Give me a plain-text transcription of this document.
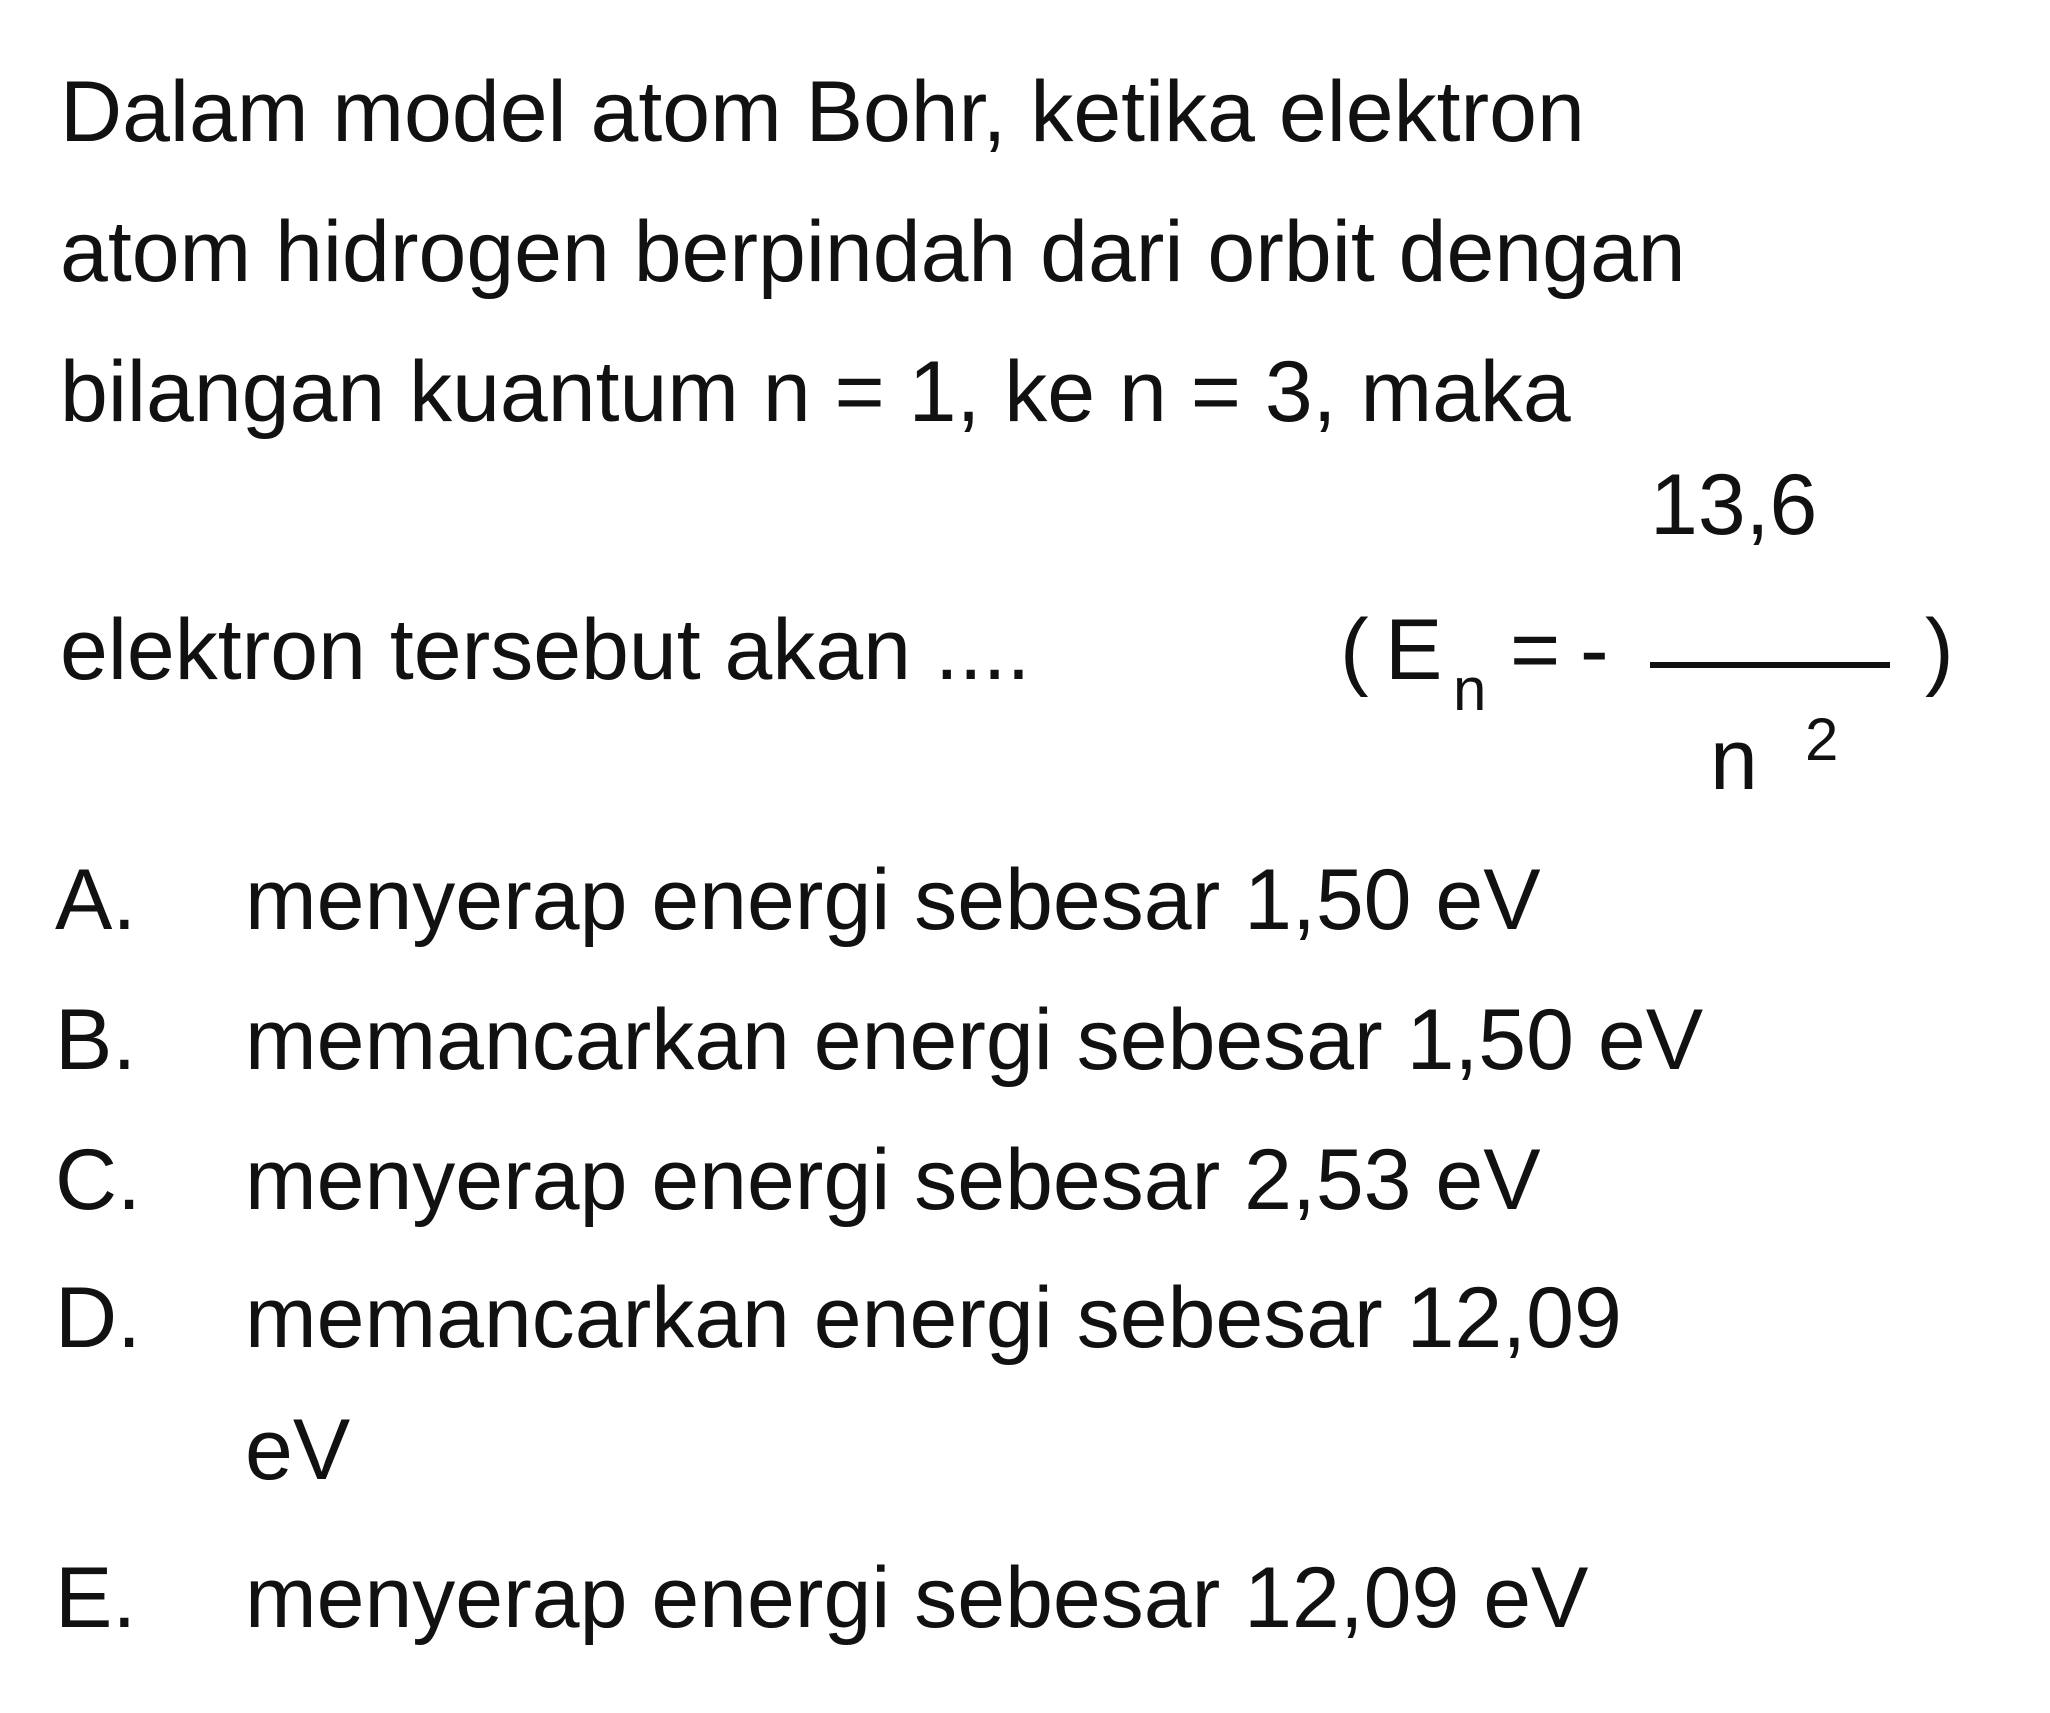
Dalam model atom Bohr, ketika elektron
atom hidrogen berpindah dari orbit dengan
bilangan kuantum n = 1, ke n = 3, maka
elektron tersebut akan ....	( E n = -
13,6
n 2
)
A. menyerap energi sebesar 1,50 eV
B. memancarkan energi sebesar 1,50 eV
C. menyerap energi sebesar 2,53 eV
D. memancarkan energi sebesar 12,09
eV
E. menyerap energi sebesar 12,09 eV
